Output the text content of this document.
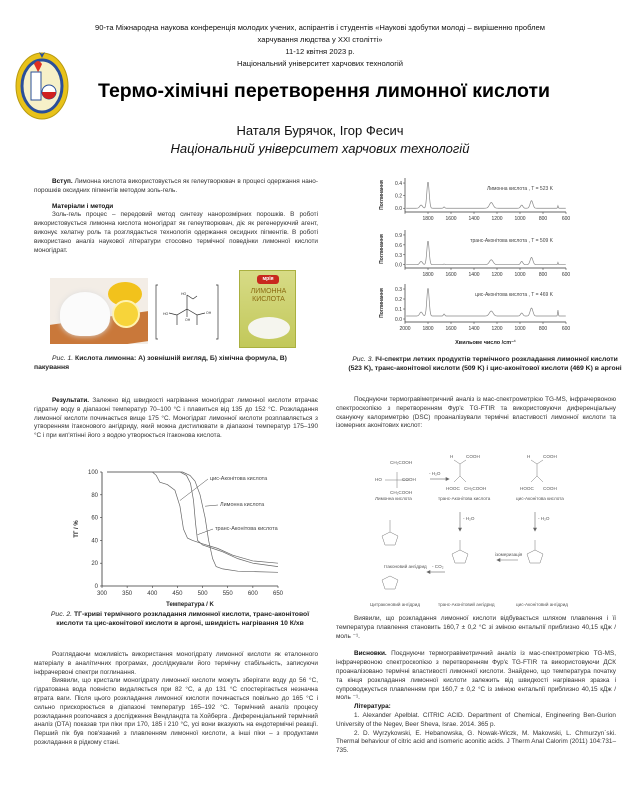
90-та Міжнародна наукова конференція молодих учених, аспірантів і студентів «Наукові здобутки молоді – вирішенню проблем
харчування людства у XXI столітті»
11-12 квітня 2023 р.
Національний університет харчових технологій
Термо-хімічні перетворення лимонної кислоти
Наталя Бурячок, Ігор Фесич
Національний університет харчових технологій

Вступ. Лимонна кислота використовується як гелеутворювач в процесі одержання нано-порошків оксидних пігментів методом золь-гель.

Матеріали і методи

Золь-гель процес – передовий метод синтезу нанорозмірних порошків. В роботі використовується лимонна кислота моногідрат як гелеутворювач, діє як регенеруючий агент, виконує хелатну роль та розглядається технологія одержання оксидних пігментів. В роботі використано аналіз наукової літератури стосовно термічної поведінки лимонної кислоти моногідрат.

HO
HO	OH
OH
мрія
ЛИМОННА
КИСЛОТА
Рис. 1. Кислота лимонна: А) зовнішній вигляд, Б) хімічна формула, В) пакування

Результати. Залежно від швидкості нагрівання моногідрат лимонної кислоти втрачає гідратну воду в діапазоні температур 70–100 °C і плавиться від 135 до 152 °C. Розкладання лимонної кислоти починається вище 175 °C. Моногідрат лимонної кислоти розплавляється з утворенням ітаконового ангідриду, який можна дистилювати в діапазоні температур 175–190 °C і при кип'ятінні його з водою утворюється ітаконова кислота.

300	350	400	450	500	550	600	650
0
20
40
60
80
100
Температура / K
ТГ / %
цис-Аконітова кислота
Лимонна кислота
транс-Аконітова кислота
Рис. 2. ТГ-криві термічного розкладання лимонної кислоти, транс-аконітової кислоти та цис-аконітової кислоти в аргоні, швидкість нагрівання 10 К/хв

Розглядаючи можливість використання моногідрату лимонної кислоти як еталонного матеріалу в аналітичних програмах, досліджували його термічну стабільність, записуючи інфрачервоні спектри поглинання.

Виявили, що кристали моногідрату лимонної кислоти можуть зберігати воду до 56 °C, гідратована вода повністю видаляється при 82 °C, а до 131 °C спостерігається незначна втрата ваги. Після цього розкладання лимонної кислоти починається повільно до 165 °C і сильно прискорюється в діапазоні температур 165–192 °C. Термічний аналіз процесу розкладання розпочався з дослідження Вендландта та Хойберга . Диференціальний термічний аналіз (DTA) показав три піки при 170, 185 і 210 °C, усі вони вказують на ендотермічні реакції. Перший пік був пов'язаний з плавленням лимонної кислоти, а інші піки – з продуктами розкладання в рідкому стані.

0.0
0.2
0.4
1800 1600 1400 1200 1000	800	600
Лимонна кислота , T = 523 K
Поглинання
0.0
0.3
0.6
0.9
1800 1600 1400 1200 1000	800	600
транс-Аконітова кислота , T = 509 K
Поглинання
0.0
0.1
0.2
0.3
2000 1800 1600 1400 1200 1000	800	600
цис-Аконітова кислота , T = 469 K
Поглинання
Хвильове число /cm⁻¹
Рис. 3. ІЧ-спектри летких продуктів термічного розкладання лимонної кислоти (523 K), транс-аконітової кислоти (509 K) і цис-аконітової кислоти (469 K) в аргоні

Поєднуючи термогравіметричний аналіз із мас-спектрометрією TG-MS, інфрачервоною спектроскопією з перетворенням Фур'є TG-FTIR та використовуючи диференціальну скануючу калориметрію (DSC) проаналізували термічні властивості лимонної кислоти та ізомерних аконітових кислот:

CH₂COOH
HO	COOH
CH₂COOH
- H₂O
H	COOH
HOOC CH₂COOH
H	COOH
HOOC COOH
Лимонна кислота	транс-Аконітова кислота	цис-Аконітова кислота
- H₂O	- H₂O
ізомеризація
Ітаконовий ангідрид - CO₂
Цитраконовий ангідрид	транс-Аконітовий ангідрид	цис-Аконітовий ангідрид

Виявили, що розкладання лимонної кислоти відбувається шляхом плавлення і її температура плавлення становить 160,7 ± 0,2 °C зі зміною ентальпії приблизно 40,15 кДж /моль ⁻¹.

Висновки. Поєднуючи термогравіметричний аналіз із мас-спектрометрією TG-MS, інфрачервоною спектроскопією з перетворенням Фур'є TG-FTIR та використовуючи ДСК проаналізовано термічні властивості лимонної кислоти. Знайдено, що температура початку та кінця розкладання лимонної кислоти залежить від швидкості нагрівання зразка і супроводжується плавленням при 160,7 ± 0,2 °C із зміною ентальпії приблизно 40,15 кДж /моль ⁻¹.

Література:

1. Alexander Apelblat. CITRIC ACID. Department of Chemical, Engineering Ben-Gurion University of the Negev, Beer Sheva, Israe. 2014. 365 p.

2. D. Wyrzykowski, E. Hebanowska, G. Nowak-Wiczk, M. Makowski, L. Chmurzyn`ski. Thermal behaviour of citric acid and isomeric aconitic acids. J Therm Anal Calorim (2011) 104:731–735.
